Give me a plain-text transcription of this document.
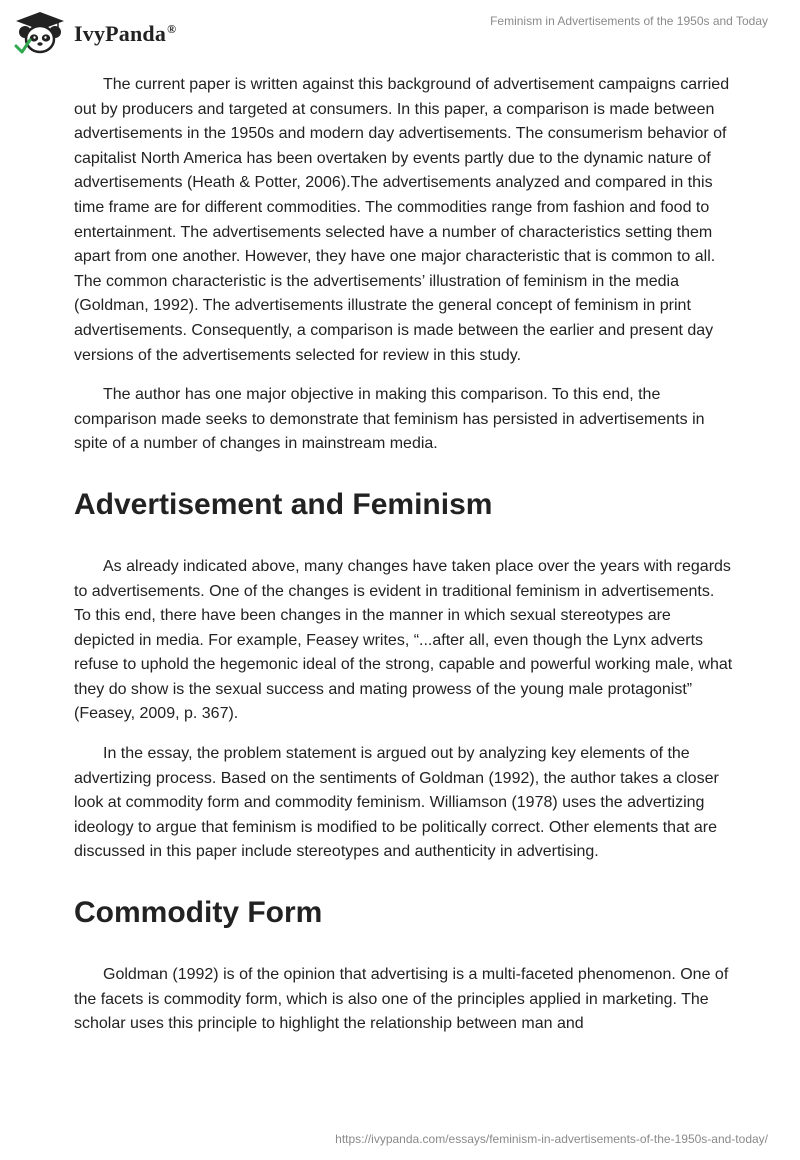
IvyPanda®
Feminism in Advertisements of the 1950s and Today

The current paper is written against this background of advertisement campaigns carried out by producers and targeted at consumers. In this paper, a comparison is made between advertisements in the 1950s and modern day advertisements. The consumerism behavior of capitalist North America has been overtaken by events partly due to the dynamic nature of advertisements (Heath & Potter, 2006).The advertisements analyzed and compared in this time frame are for different commodities. The commodities range from fashion and food to entertainment. The advertisements selected have a number of characteristics setting them apart from one another. However, they have one major characteristic that is common to all. The common characteristic is the advertisements’ illustration of feminism in the media (Goldman, 1992). The advertisements illustrate the general concept of feminism in print advertisements. Consequently, a comparison is made between the earlier and present day versions of the advertisements selected for review in this study.

The author has one major objective in making this comparison. To this end, the comparison made seeks to demonstrate that feminism has persisted in advertisements in spite of a number of changes in mainstream media.

Advertisement and Feminism

As already indicated above, many changes have taken place over the years with regards to advertisements. One of the changes is evident in traditional feminism in advertisements. To this end, there have been changes in the manner in which sexual stereotypes are depicted in media. For example, Feasey writes, “...after all, even though the Lynx adverts refuse to uphold the hegemonic ideal of the strong, capable and powerful working male, what they do show is the sexual success and mating prowess of the young male protagonist” (Feasey, 2009, p. 367).

In the essay, the problem statement is argued out by analyzing key elements of the advertizing process. Based on the sentiments of Goldman (1992), the author takes a closer look at commodity form and commodity feminism. Williamson (1978) uses the advertizing ideology to argue that feminism is modified to be politically correct. Other elements that are discussed in this paper include stereotypes and authenticity in advertising.

Commodity Form

Goldman (1992) is of the opinion that advertising is a multi-faceted phenomenon. One of the facets is commodity form, which is also one of the principles applied in marketing. The scholar uses this principle to highlight the relationship between man and

https://ivypanda.com/essays/feminism-in-advertisements-of-the-1950s-and-today/
